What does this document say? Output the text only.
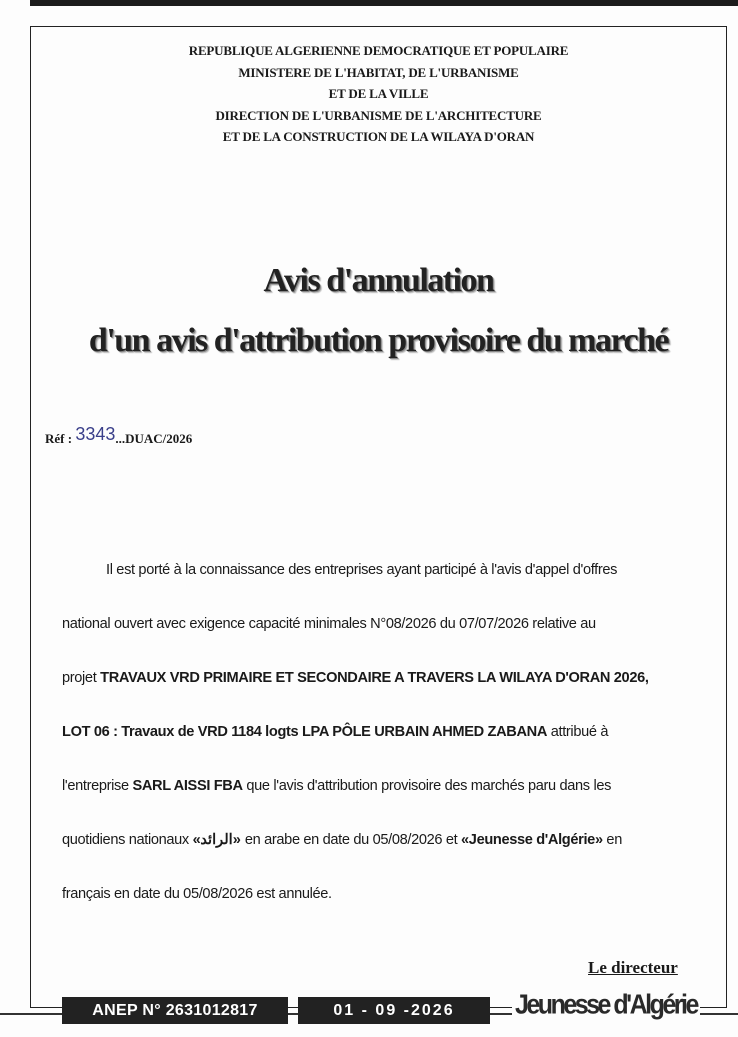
REPUBLIQUE ALGERIENNE DEMOCRATIQUE ET POPULAIRE
MINISTERE DE L'HABITAT, DE L'URBANISME
ET DE LA VILLE
DIRECTION DE L'URBANISME DE L'ARCHITECTURE
ET DE LA CONSTRUCTION DE LA WILAYA D'ORAN
Avis d'annulation
d'un avis d'attribution provisoire du marché
Réf : 3343...DUAC/2026
Il est porté à la connaissance des entreprises ayant participé à l'avis d'appel d'offres
national ouvert avec exigence capacité minimales N°08/2026 du 07/07/2026 relative au
projet TRAVAUX VRD PRIMAIRE ET SECONDAIRE A TRAVERS LA WILAYA D'ORAN 2026,
LOT 06 : Travaux de VRD 1184 logts LPA PÔLE URBAIN AHMED ZABANA attribué à
l'entreprise SARL AISSI FBA que l'avis d'attribution provisoire des marchés paru dans les
quotidiens nationaux «الرائد» en arabe en date du 05/08/2026 et «Jeunesse d'Algérie» en
français en date du 05/08/2026 est annulée.
Le directeur
ANEP N° 2631012817	01 - 09 -2026	Jeunesse d'Algérie
